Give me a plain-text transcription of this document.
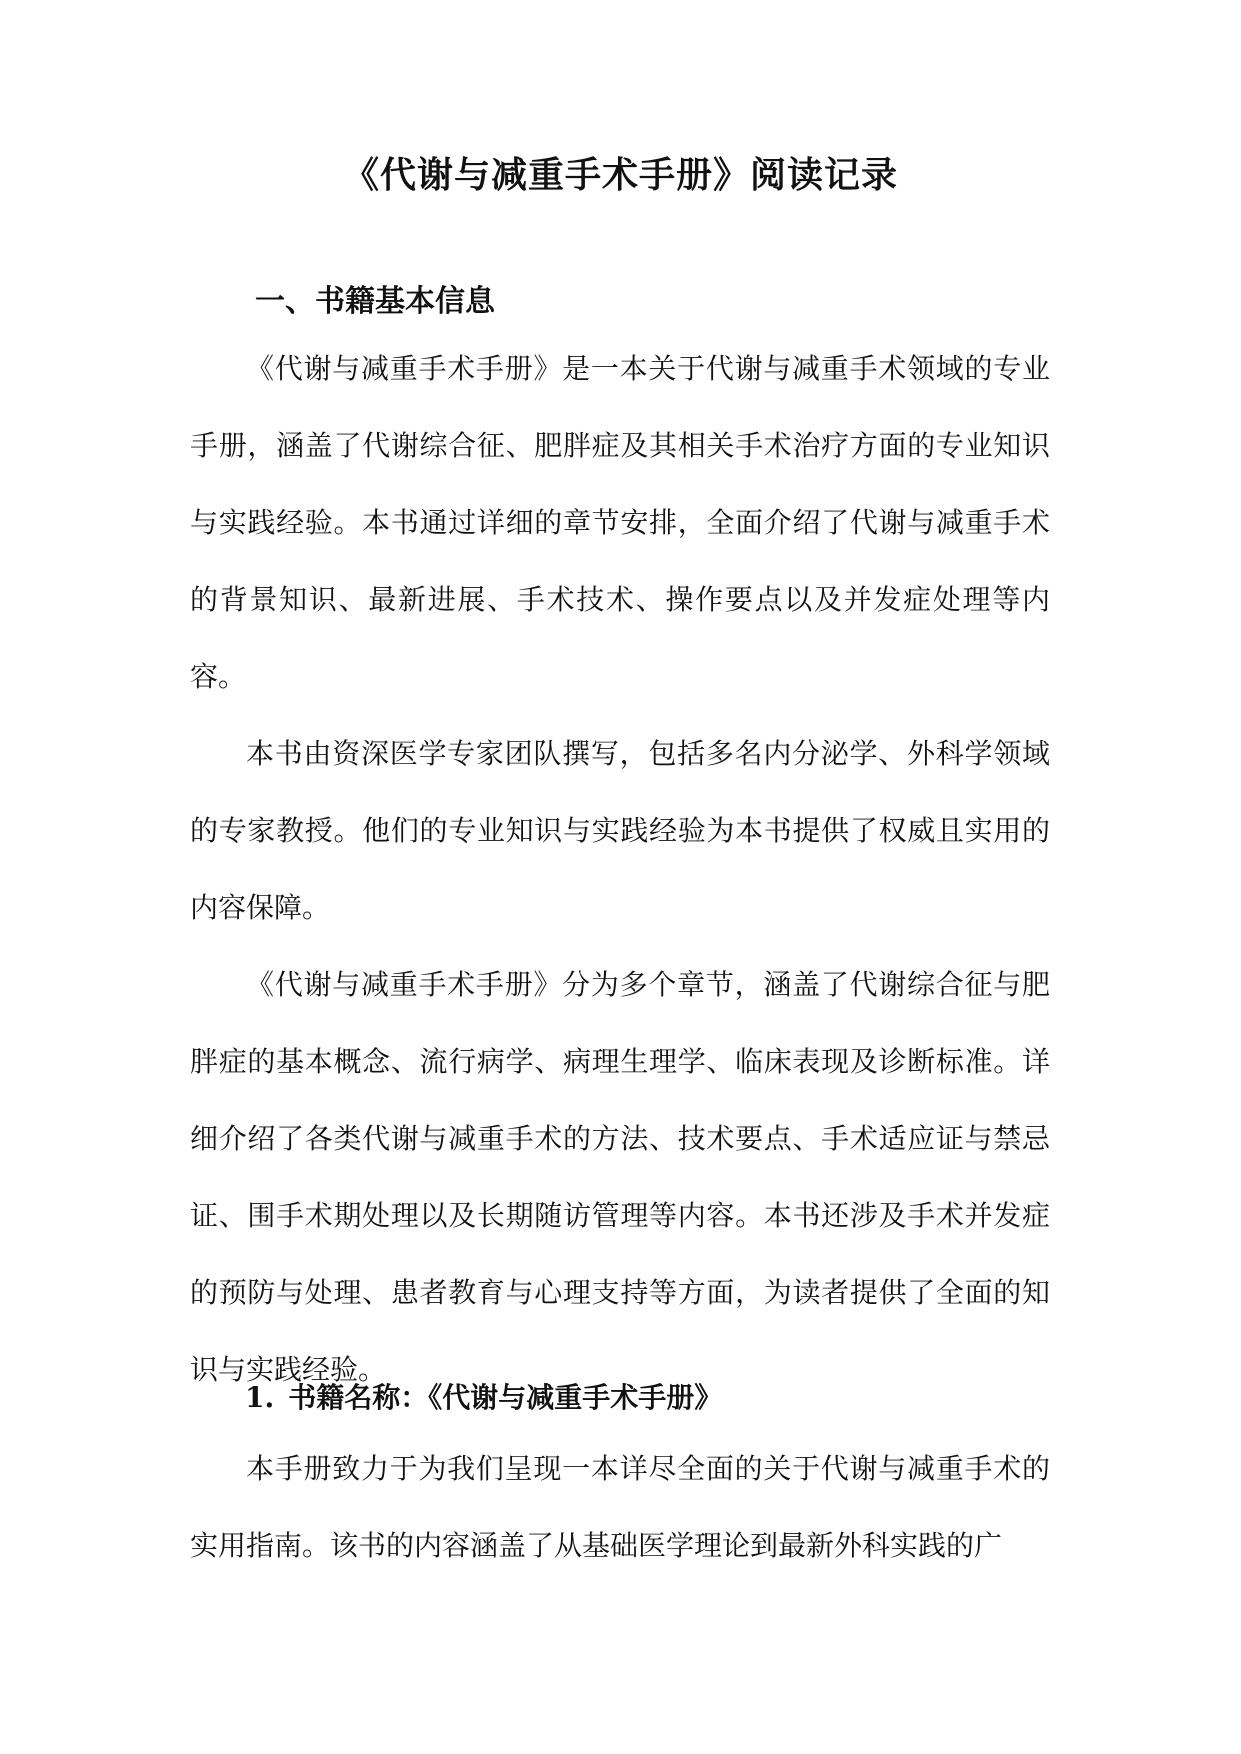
《代谢与减重手术手册》阅读记录
一、书籍基本信息

《代谢与减重手术手册》是一本关于代谢与减重手术领域的专业手册，涵盖了代谢综合征、肥胖症及其相关手术治疗方面的专业知识与实践经验。本书通过详细的章节安排，全面介绍了代谢与减重手术的背景知识、最新进展、手术技术、操作要点以及并发症处理等内容。

本书由资深医学专家团队撰写，包括多名内分泌学、外科学领域的专家教授。他们的专业知识与实践经验为本书提供了权威且实用的内容保障。

《代谢与减重手术手册》分为多个章节，涵盖了代谢综合征与肥胖症的基本概念、流行病学、病理生理学、临床表现及诊断标准。详细介绍了各类代谢与减重手术的方法、技术要点、手术适应证与禁忌证、围手术期处理以及长期随访管理等内容。本书还涉及手术并发症的预防与处理、患者教育与心理支持等方面，为读者提供了全面的知识与实践经验。

1. 书籍名称：《代谢与减重手术手册》

本手册致力于为我们呈现一本详尽全面的关于代谢与减重手术的实用指南。该书的内容涵盖了从基础医学理论到最新外科实践的广
